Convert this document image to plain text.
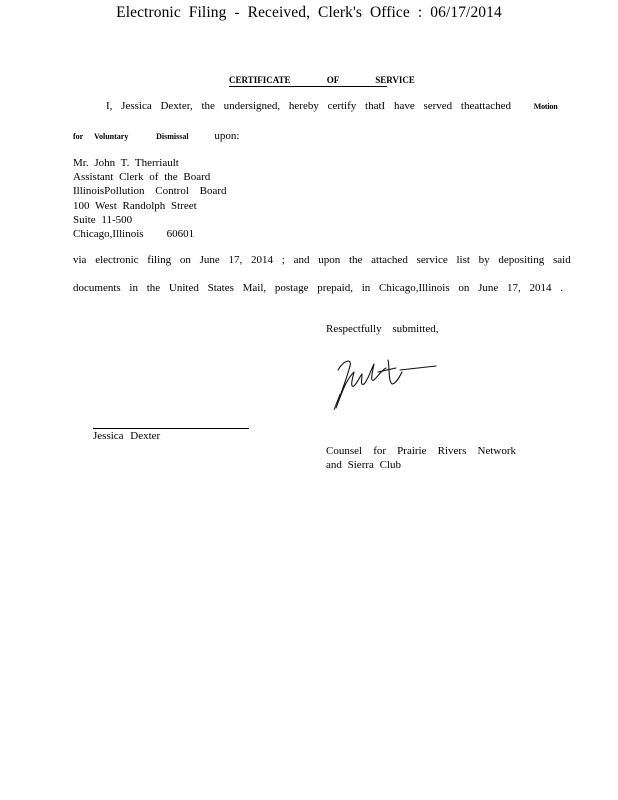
Electronic Filing - Received, Clerk's Office : 06/17/2014
CERTIFICATE	OF	SERVICE
I, Jessica Dexter, the undersigned, hereby certify thatI have served theattached	Motion
for Voluntary	Dismissal upon:
Mr. John T. Therriault
Assistant Clerk of the Board
IllinoisPollution Control Board
100 West Randolph Street
Suite 11-500
Chicago,Illinois    60601
via electronic filing on June 17, 2014 ; and upon the attached service list by depositing said
documents in the United States Mail, postage prepaid, in Chicago,Illinois on June 17, 2014 .
Respectfully submitted,
Jessica Dexter
Counsel for Prairie Rivers Network and Sierra Club
